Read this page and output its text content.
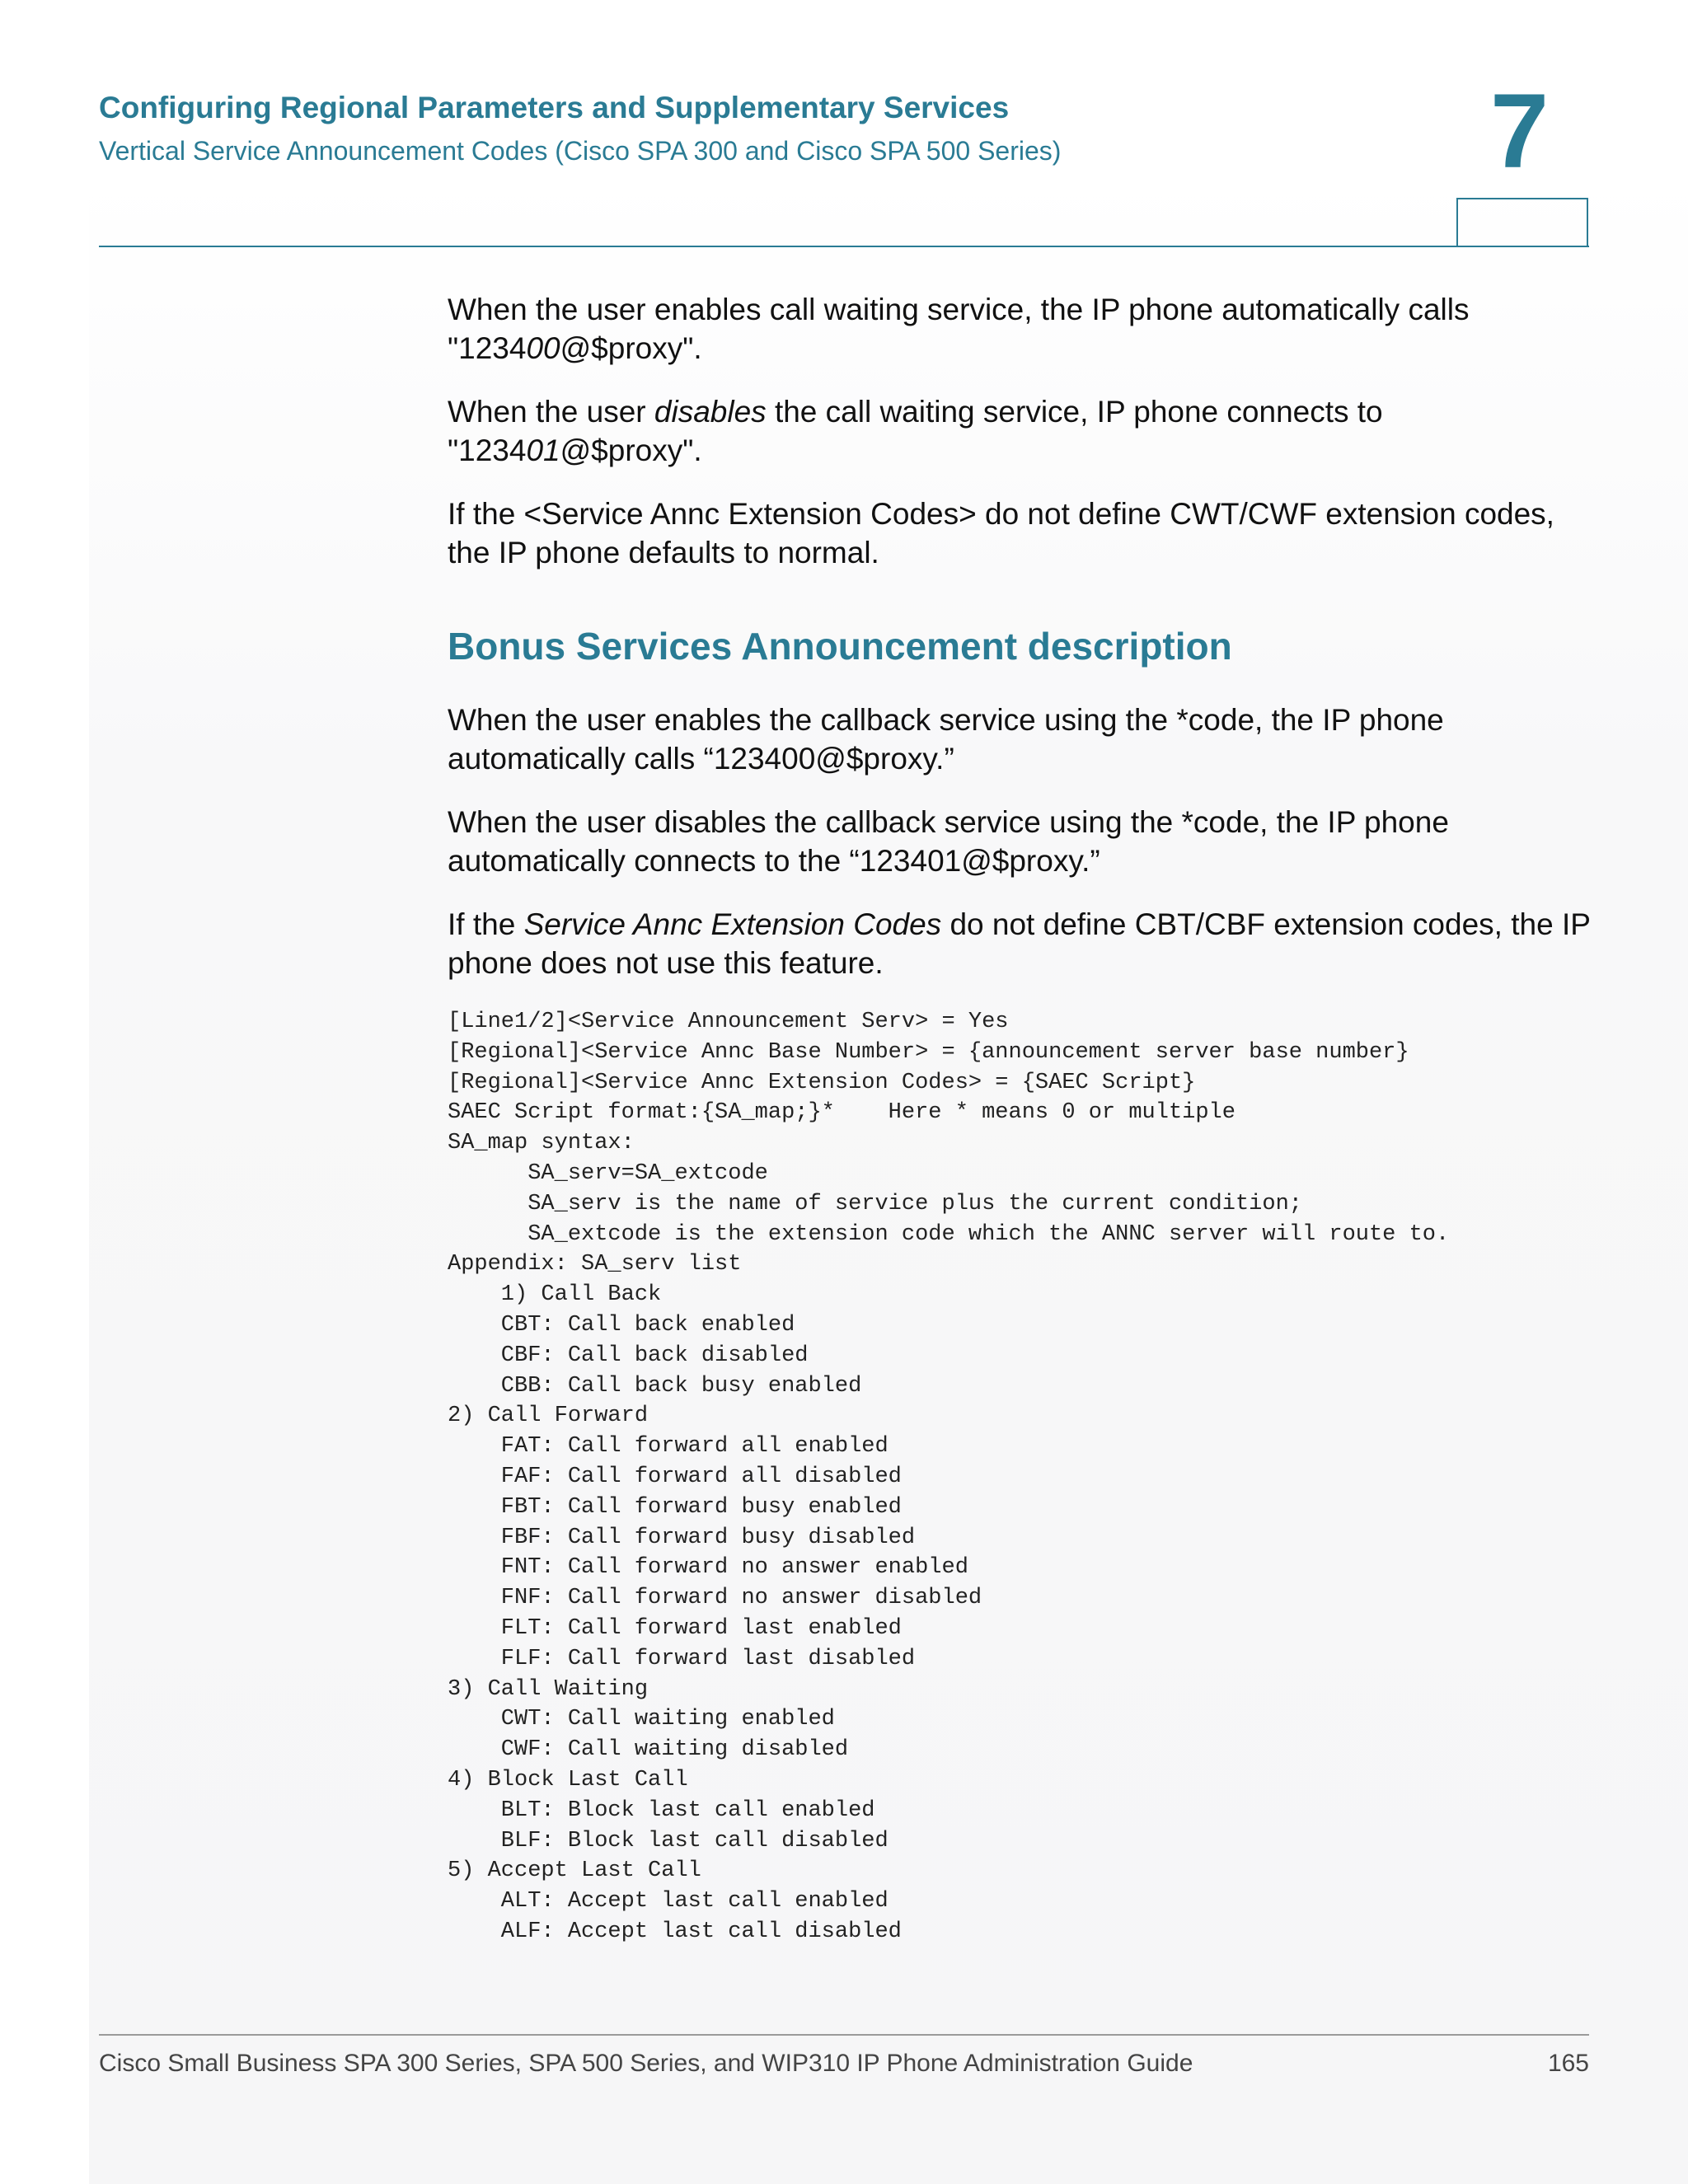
Configuring Regional Parameters and Supplementary Services
Vertical Service Announcement Codes (Cisco SPA 300 and Cisco SPA 500 Series)	7

When the user enables call waiting service, the IP phone automatically calls
"123400@$proxy".

When the user disables the call waiting service, IP phone connects to
"123401@$proxy".

If the <Service Annc Extension Codes> do not define CWT/CWF extension codes, the IP phone defaults to normal.

Bonus Services Announcement description

When the user enables the callback service using the *code, the IP phone automatically calls “123400@$proxy.”

When the user disables the callback service using the *code, the IP phone automatically connects to the “123401@$proxy.”

If the Service Annc Extension Codes do not define CBT/CBF extension codes, the IP phone does not use this feature.

[Line1/2]<Service Announcement Serv> = Yes
[Regional]<Service Annc Base Number> = {announcement server base number}
[Regional]<Service Annc Extension Codes> = {SAEC Script}
SAEC Script format:{SA_map;}*    Here * means 0 or multiple
SA_map syntax:
SA_serv=SA_extcode
SA_serv is the name of service plus the current condition;
SA_extcode is the extension code which the ANNC server will route to.
Appendix: SA_serv list
1) Call Back
CBT: Call back enabled
CBF: Call back disabled
CBB: Call back busy enabled
2) Call Forward
FAT: Call forward all enabled
FAF: Call forward all disabled
FBT: Call forward busy enabled
FBF: Call forward busy disabled
FNT: Call forward no answer enabled
FNF: Call forward no answer disabled
FLT: Call forward last enabled
FLF: Call forward last disabled
3) Call Waiting
CWT: Call waiting enabled
CWF: Call waiting disabled
4) Block Last Call
BLT: Block last call enabled
BLF: Block last call disabled
5) Accept Last Call
ALT: Accept last call enabled
ALF: Accept last call disabled
Cisco Small Business SPA 300 Series, SPA 500 Series, and WIP310 IP Phone Administration Guide	165
